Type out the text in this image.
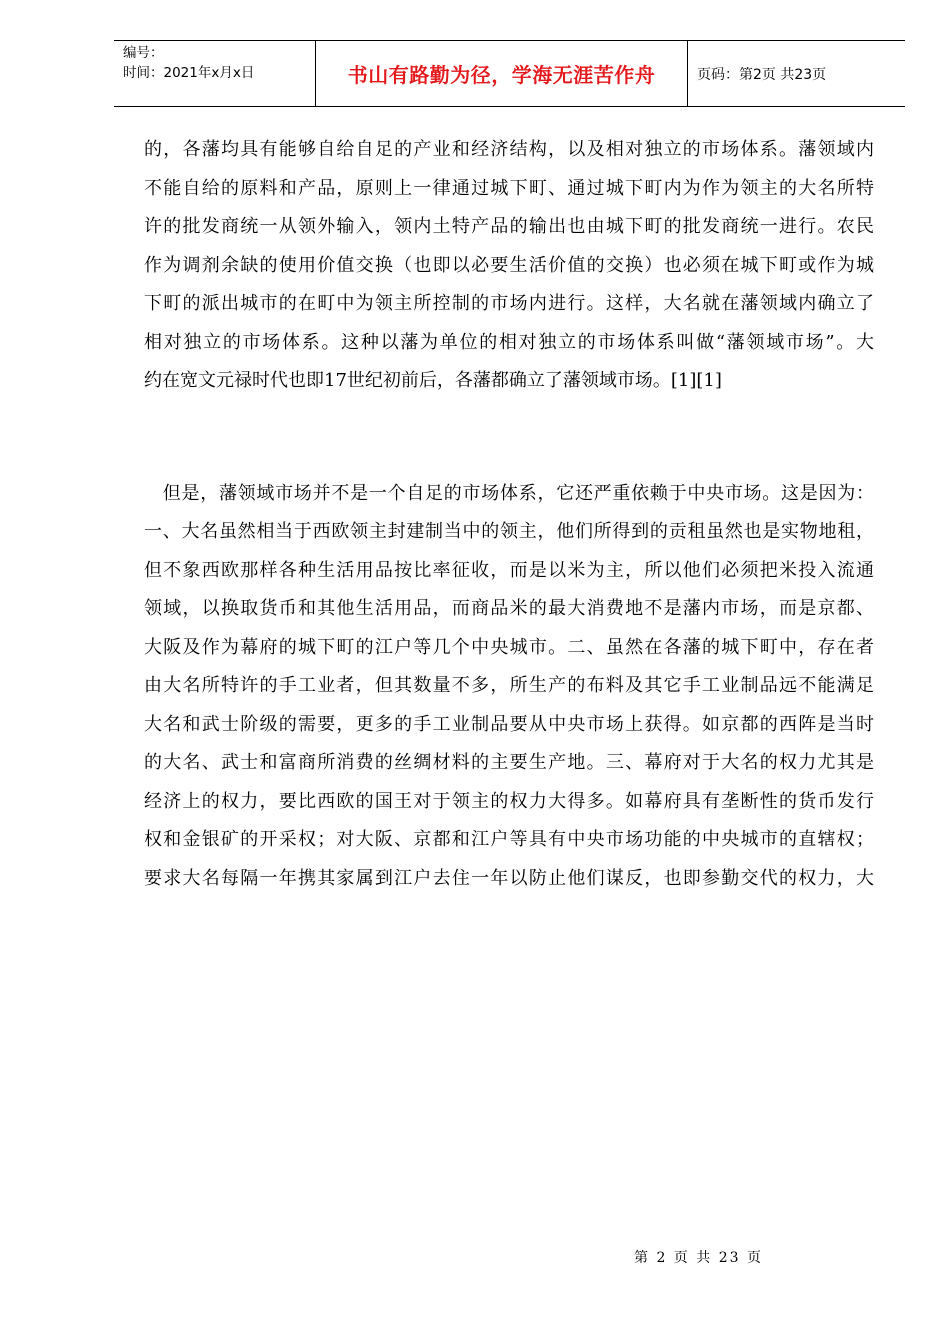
编号：
时间：2021年x月x日	书山有路勤为径，学海无涯苦作舟	页码：第2页 共23页
的，各藩均具有能够自给自足的产业和经济结构，以及相对独立的市场体系。藩领域内
不能自给的原料和产品，原则上一律通过城下町、通过城下町内为作为领主的大名所特
许的批发商统一从领外输入，领内土特产品的输出也由城下町的批发商统一进行。农民
作为调剂余缺的使用价值交换（也即以必要生活价值的交换）也必须在城下町或作为城
下町的派出城市的在町中为领主所控制的市场内进行。这样，大名就在藩领域内确立了
相对独立的市场体系。这种以藩为单位的相对独立的市场体系叫做“藩领域市场”。大
约在宽文元禄时代也即17世纪初前后，各藩都确立了藩领域市场。[1][1]
　但是，藩领域市场并不是一个自足的市场体系，它还严重依赖于中央市场。这是因为：
一、大名虽然相当于西欧领主封建制当中的领主，他们所得到的贡租虽然也是实物地租，
但不象西欧那样各种生活用品按比率征收，而是以米为主，所以他们必须把米投入流通
领域，以换取货币和其他生活用品，而商品米的最大消费地不是藩内市场，而是京都、
大阪及作为幕府的城下町的江户等几个中央城市。二、虽然在各藩的城下町中，存在者
由大名所特许的手工业者，但其数量不多，所生产的布料及其它手工业制品远不能满足
大名和武士阶级的需要，更多的手工业制品要从中央市场上获得。如京都的西阵是当时
的大名、武士和富商所消费的丝绸材料的主要生产地。三、幕府对于大名的权力尤其是
经济上的权力，要比西欧的国王对于领主的权力大得多。如幕府具有垄断性的货币发行
权和金银矿的开采权；对大阪、京都和江户等具有中央市场功能的中央城市的直辖权；
要求大名每隔一年携其家属到江户去住一年以防止他们谋反，也即参勤交代的权力，大
第 2 页 共 23 页
